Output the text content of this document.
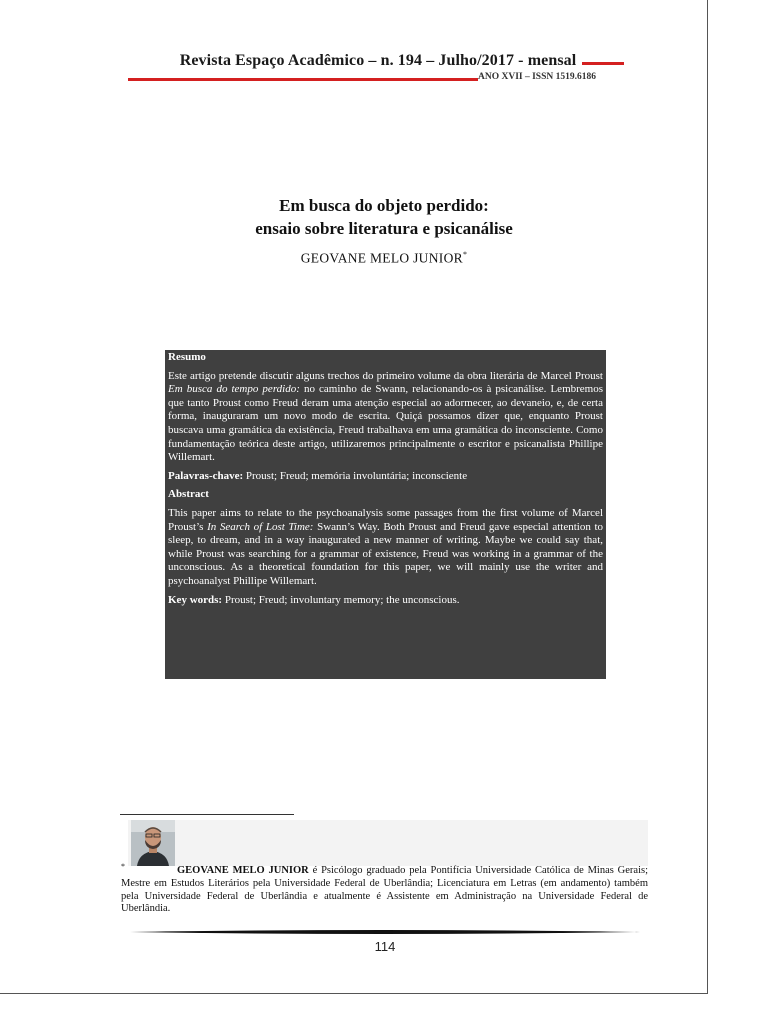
Revista Espaço Acadêmico – n. 194 – Julho/2017 - mensal
ANO XVII – ISSN 1519.6186
Em busca do objeto perdido:
ensaio sobre literatura e psicanálise
GEOVANE MELO JUNIOR*
Resumo
Este artigo pretende discutir alguns trechos do primeiro volume da obra literária de Marcel Proust Em busca do tempo perdido: no caminho de Swann, relacionando-os à psicanálise. Lembremos que tanto Proust como Freud deram uma atenção especial ao adormecer, ao devaneio, e, de certa forma, inauguraram um novo modo de escrita. Quiçá possamos dizer que, enquanto Proust buscava uma gramática da existência, Freud trabalhava em uma gramática do inconsciente. Como fundamentação teórica deste artigo, utilizaremos principalmente o escritor e psicanalista Phillipe Willemart.
Palavras-chave: Proust; Freud; memória involuntária; inconsciente
Abstract
This paper aims to relate to the psychoanalysis some passages from the first volume of Marcel Proust’s In Search of Lost Time: Swann’s Way. Both Proust and Freud gave especial attention to sleep, to dream, and in a way inaugurated a new manner of writing. Maybe we could say that, while Proust was searching for a grammar of existence, Freud was working in a grammar of the unconscious. As a theoretical foundation for this paper, we will mainly use the writer and psychoanalyst Phillipe Willemart.
Key words: Proust; Freud; involuntary memory; the unconscious.
*	GEOVANE MELO JUNIOR é Psicólogo graduado pela Pontifícia Universidade Católica de Minas Gerais; Mestre em Estudos Literários pela Universidade Federal de Uberlândia; Licenciatura em Letras (em andamento) também pela Universidade Federal de Uberlândia e atualmente é Assistente em Administração na Universidade Federal de Uberlândia.
114
